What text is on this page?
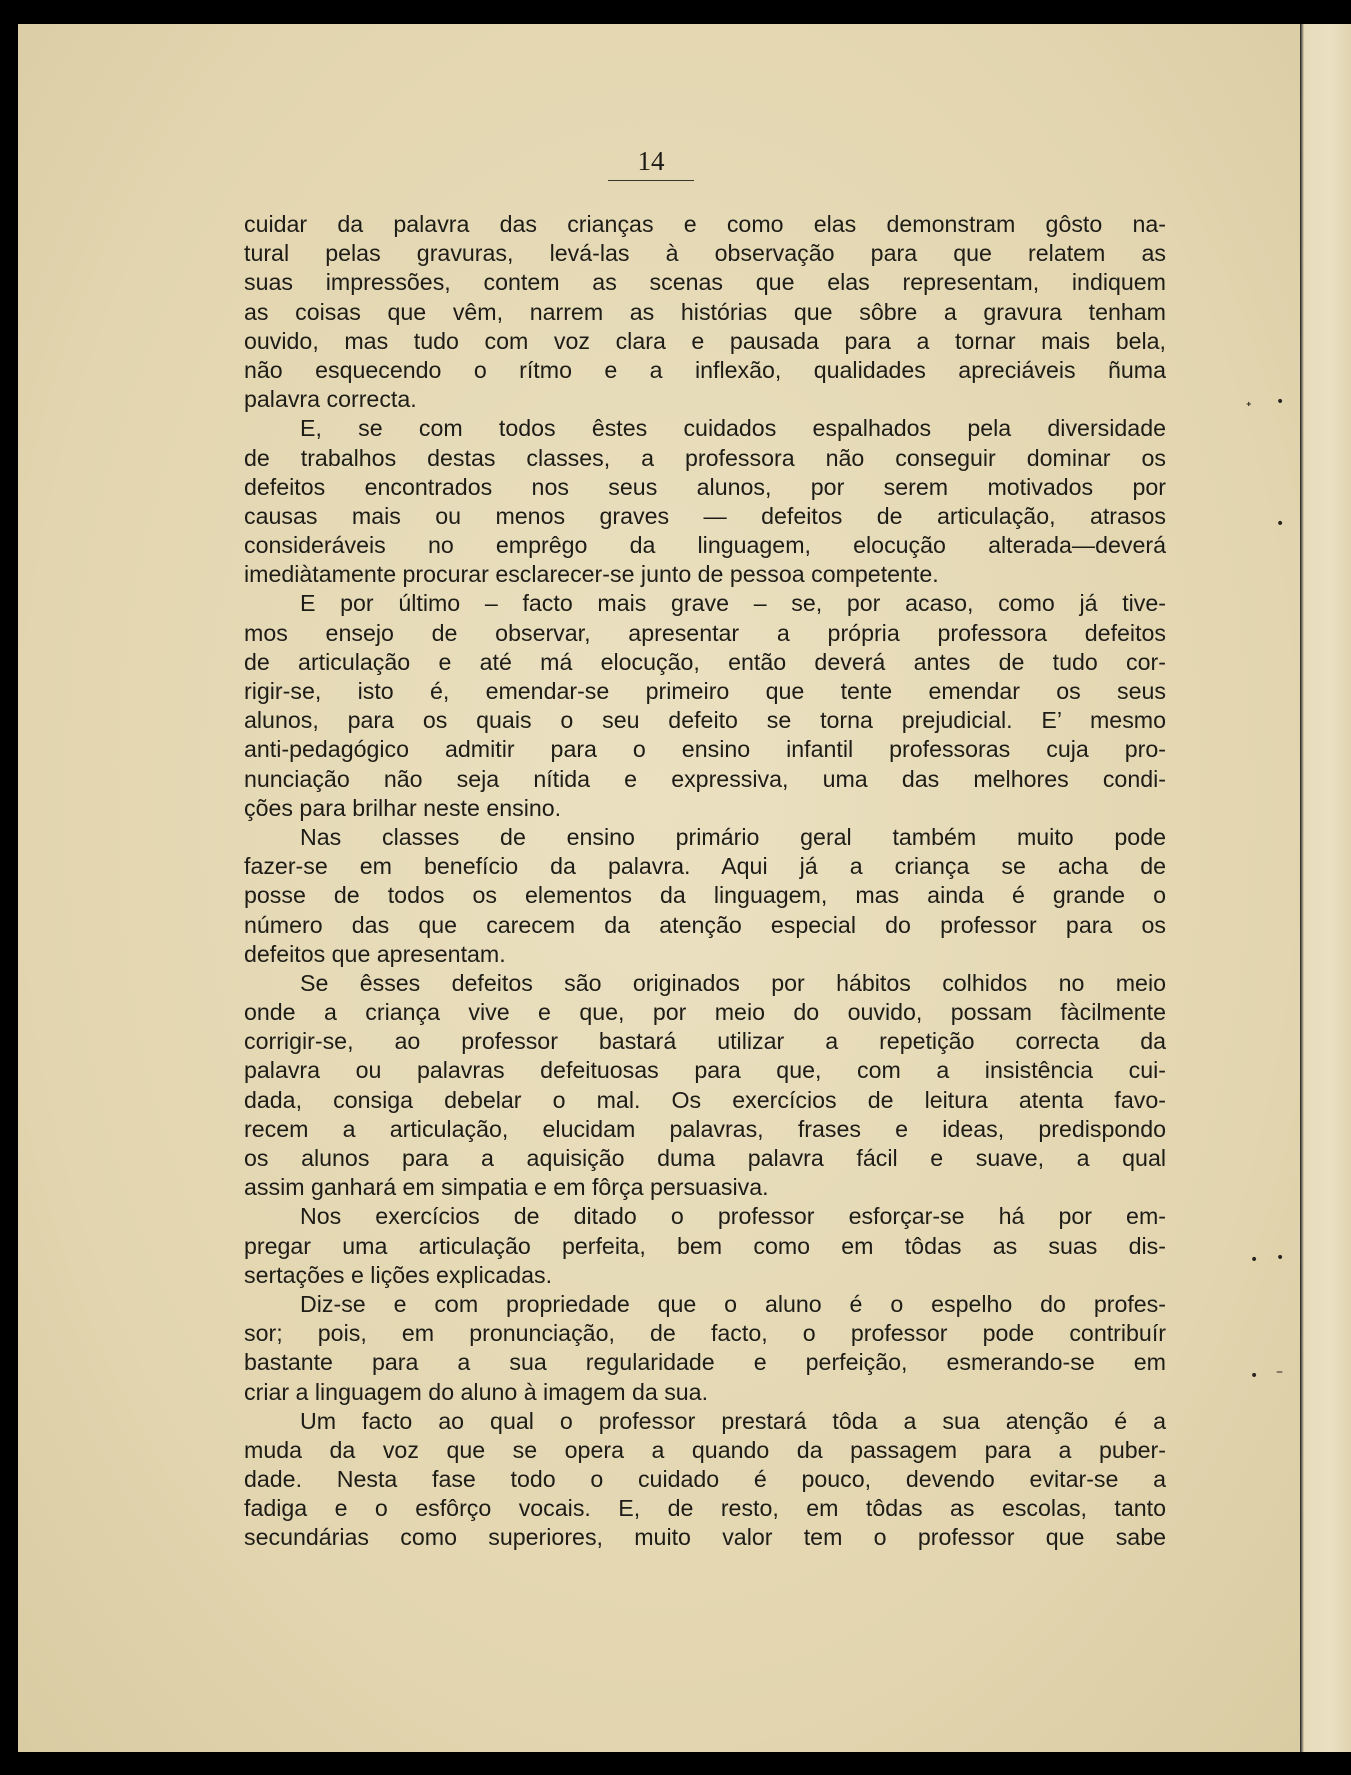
14
cuidar da palavra das crianças e como elas demonstram gôsto na-
tural pelas gravuras, levá-las à observação para que relatem as
suas impressões, contem as scenas que elas representam, indiquem
as coisas que vêm, narrem as histórias que sôbre a gravura tenham
ouvido, mas tudo com voz clara e pausada para a tornar mais bela,
não esquecendo o rítmo e a inflexão, qualidades apreciáveis ñuma
palavra correcta.
E, se com todos êstes cuidados espalhados pela diversidade
de trabalhos destas classes, a professora não conseguir dominar os
defeitos encontrados nos seus alunos, por serem motivados por
causas mais ou menos graves — defeitos de articulação, atrasos
consideráveis no emprêgo da linguagem, elocução alterada—deverá
imediàtamente procurar esclarecer-se junto de pessoa competente.
E por último – facto mais grave – se, por acaso, como já tive-
mos ensejo de observar, apresentar a própria professora defeitos
de articulação e até má elocução, então deverá antes de tudo cor-
rigir-se, isto é, emendar-se primeiro que tente emendar os seus
alunos, para os quais o seu defeito se torna prejudicial. E’ mesmo
anti-pedagógico admitir para o ensino infantil professoras cuja pro-
nunciação não seja nítida e expressiva, uma das melhores condi-
ções para brilhar neste ensino.
Nas classes de ensino primário geral também muito pode
fazer-se em benefício da palavra. Aqui já a criança se acha de
posse de todos os elementos da linguagem, mas ainda é grande o
número das que carecem da atenção especial do professor para os
defeitos que apresentam.
Se êsses defeitos são originados por hábitos colhidos no meio
onde a criança vive e que, por meio do ouvido, possam fàcilmente
corrigir-se, ao professor bastará utilizar a repetição correcta da
palavra ou palavras defeituosas para que, com a insistência cui-
dada, consiga debelar o mal. Os exercícios de leitura atenta favo-
recem a articulação, elucidam palavras, frases e ideas, predispondo
os alunos para a aquisição duma palavra fácil e suave, a qual
assim ganhará em simpatia e em fôrça persuasiva.
Nos exercícios de ditado o professor esforçar-se há por em-
pregar uma articulação perfeita, bem como em tôdas as suas dis-
sertações e lições explicadas.
Diz-se e com propriedade que o aluno é o espelho do profes-
sor; pois, em pronunciação, de facto, o professor pode contribuír
bastante para a sua regularidade e perfeição, esmerando-se em
criar a linguagem do aluno à imagem da sua.
Um facto ao qual o professor prestará tôda a sua atenção é a
muda da voz que se opera a quando da passagem para a puber-
dade. Nesta fase todo o cuidado é pouco, devendo evitar-se a
fadiga e o esfôrço vocais. E, de resto, em tôdas as escolas, tanto
secundárias como superiores, muito valor tem o professor que sabe
•
˖
•
•
•
–
•
